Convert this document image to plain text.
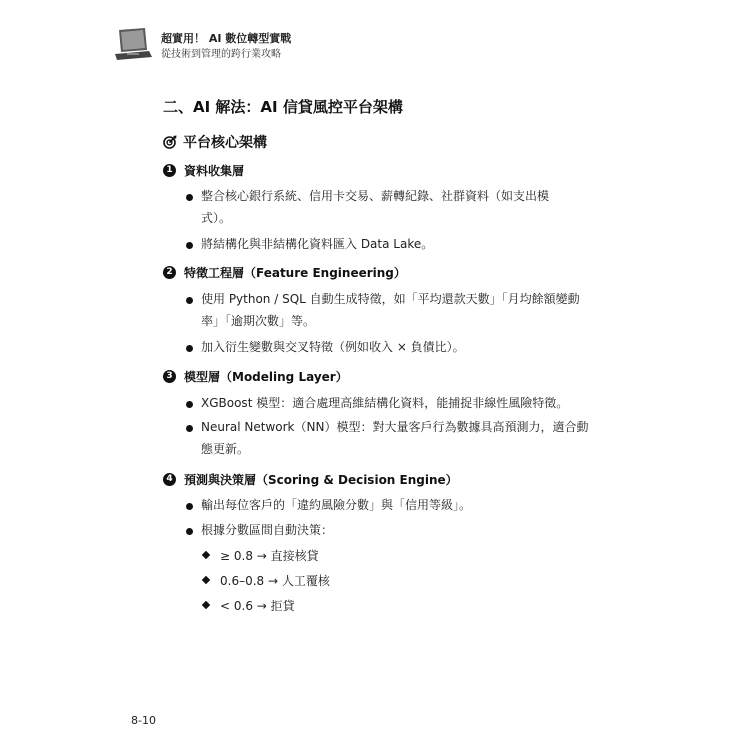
超實用！ AI 數位轉型實戰
從技術到管理的跨行業攻略
二、AI 解法：AI 信貸風控平台架構
平台核心架構
1 資料收集層
整合核心銀行系統、信用卡交易、薪轉紀錄、社群資料（如支出模
式）。
將結構化與非結構化資料匯入 Data Lake。
2 特徵工程層（Feature Engineering）
使用 Python / SQL 自動生成特徵，如「平均還款天數」「月均餘額變動
率」「逾期次數」等。
加入衍生變數與交叉特徵（例如收入 × 負債比）。
3 模型層（Modeling Layer）
XGBoost 模型：適合處理高維結構化資料，能捕捉非線性風險特徵。
Neural Network（NN）模型：對大量客戶行為數據具高預測力，適合動
態更新。
4 預測與決策層（Scoring & Decision Engine）
輸出每位客戶的「違約風險分數」與「信用等級」。
根據分數區間自動決策：
≥ 0.8 → 直接核貸
0.6–0.8 → 人工覆核
< 0.6 → 拒貸
8-10
